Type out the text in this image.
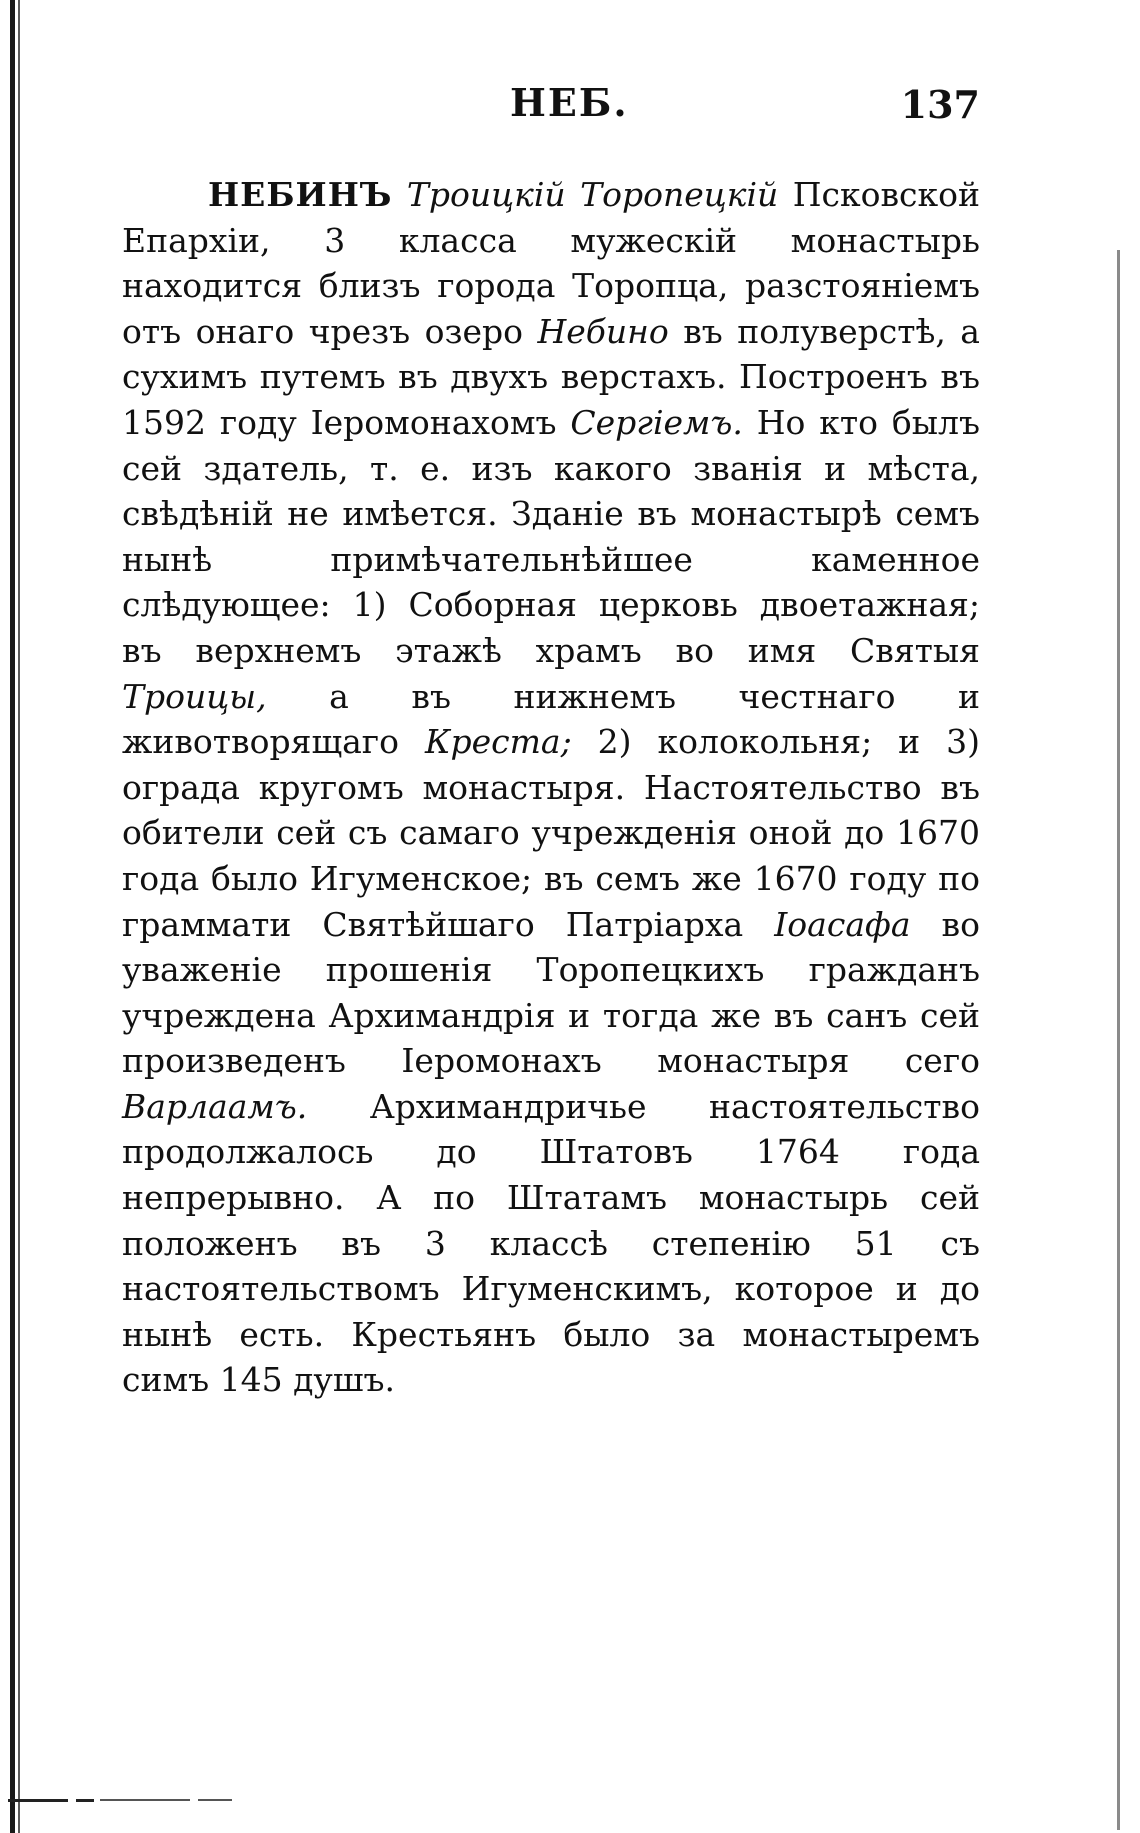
НЕБ.	137

НЕБИНЪ Троицкій Торопецкій Псковской Епархіи, 3 класса мужескій монастырь находится близъ города Торопца, разстояніемъ отъ онаго чрезъ озеро Небино въ полуверстѣ, а сухимъ путемъ въ двухъ верстахъ. Построенъ въ 1592 году Іеромонахомъ Сергіемъ. Но кто былъ сей здатель, т. е. изъ какого званія и мѣста, свѣдѣній не имѣется. Зданіе въ монастырѣ семъ нынѣ примѣчательнѣйшее каменное слѣдующее: 1) Соборная церковь двоетажная; въ верхнемъ этажѣ храмъ во имя Святыя Троицы, а въ нижнемъ честнаго и животворящаго Креста; 2) колокольня; и 3) ограда кругомъ монастыря. Настоятельство въ обители сей съ самаго учрежденія оной до 1670 года было Игуменское; въ семъ же 1670 году по граммати Святѣйшаго Патріарха Іоасафа во уваженіе прошенія Торопецкихъ гражданъ учреждена Архимандрія и тогда же въ санъ сей произведенъ Іеромонахъ монастыря сего Варлаамъ. Архимандричье настоятельство продолжалось до Штатовъ 1764 года непрерывно. А по Штатамъ монастырь сей положенъ въ 3 классѣ степенію 51 съ настоятельствомъ Игуменскимъ, которое и до нынѣ есть. Крестьянъ было за монастыремъ симъ 145 душъ.
